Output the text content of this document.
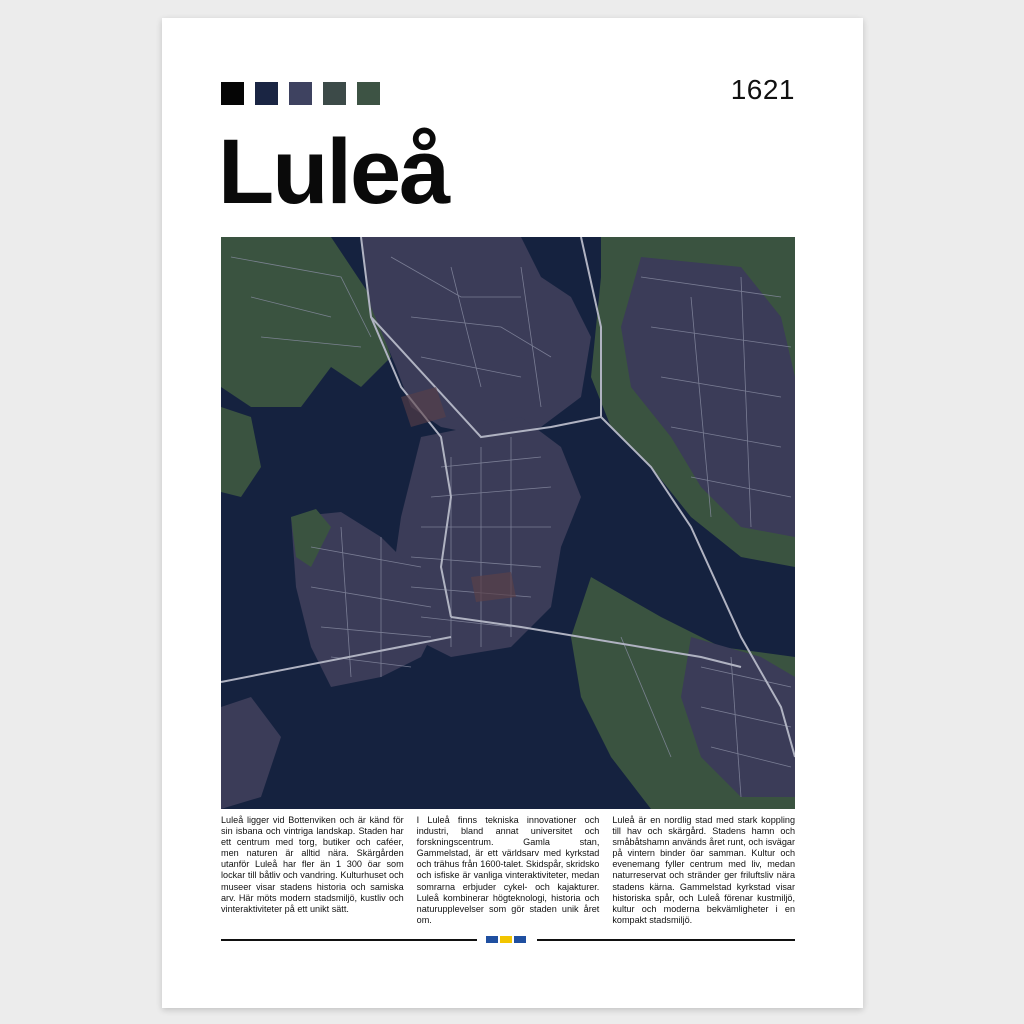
1621
Luleå
Luleå ligger vid Bottenviken och är känd för sin isbana och vintriga landskap. Staden har ett centrum med torg, butiker och caféer, men naturen är alltid nära. Skärgården utanför Luleå har fler än 1 300 öar som lockar till båtliv och vandring. Kulturhuset och museer visar stadens historia och samiska arv. Här möts modern stadsmiljö, kustliv och vinteraktiviteter på ett unikt sätt.
I Luleå finns tekniska innovationer och industri, bland annat universitet och forskningscentrum. Gamla stan, Gammelstad, är ett världsarv med kyrkstad och trähus från 1600-talet. Skidspår, skridsko och isfiske är vanliga vinteraktiviteter, medan somrarna erbjuder cykel- och kajakturer. Luleå kombinerar högteknologi, historia och naturupplevelser som gör staden unik året om.
Luleå är en nordlig stad med stark koppling till hav och skärgård. Stadens hamn och småbåtshamn används året runt, och isvägar på vintern binder öar samman. Kultur och evenemang fyller centrum med liv, medan naturreservat och stränder ger friluftsliv nära stadens kärna. Gammelstad kyrkstad visar historiska spår, och Luleå förenar kustmiljö, kultur och moderna bekvämligheter i en kompakt stadsmiljö.
